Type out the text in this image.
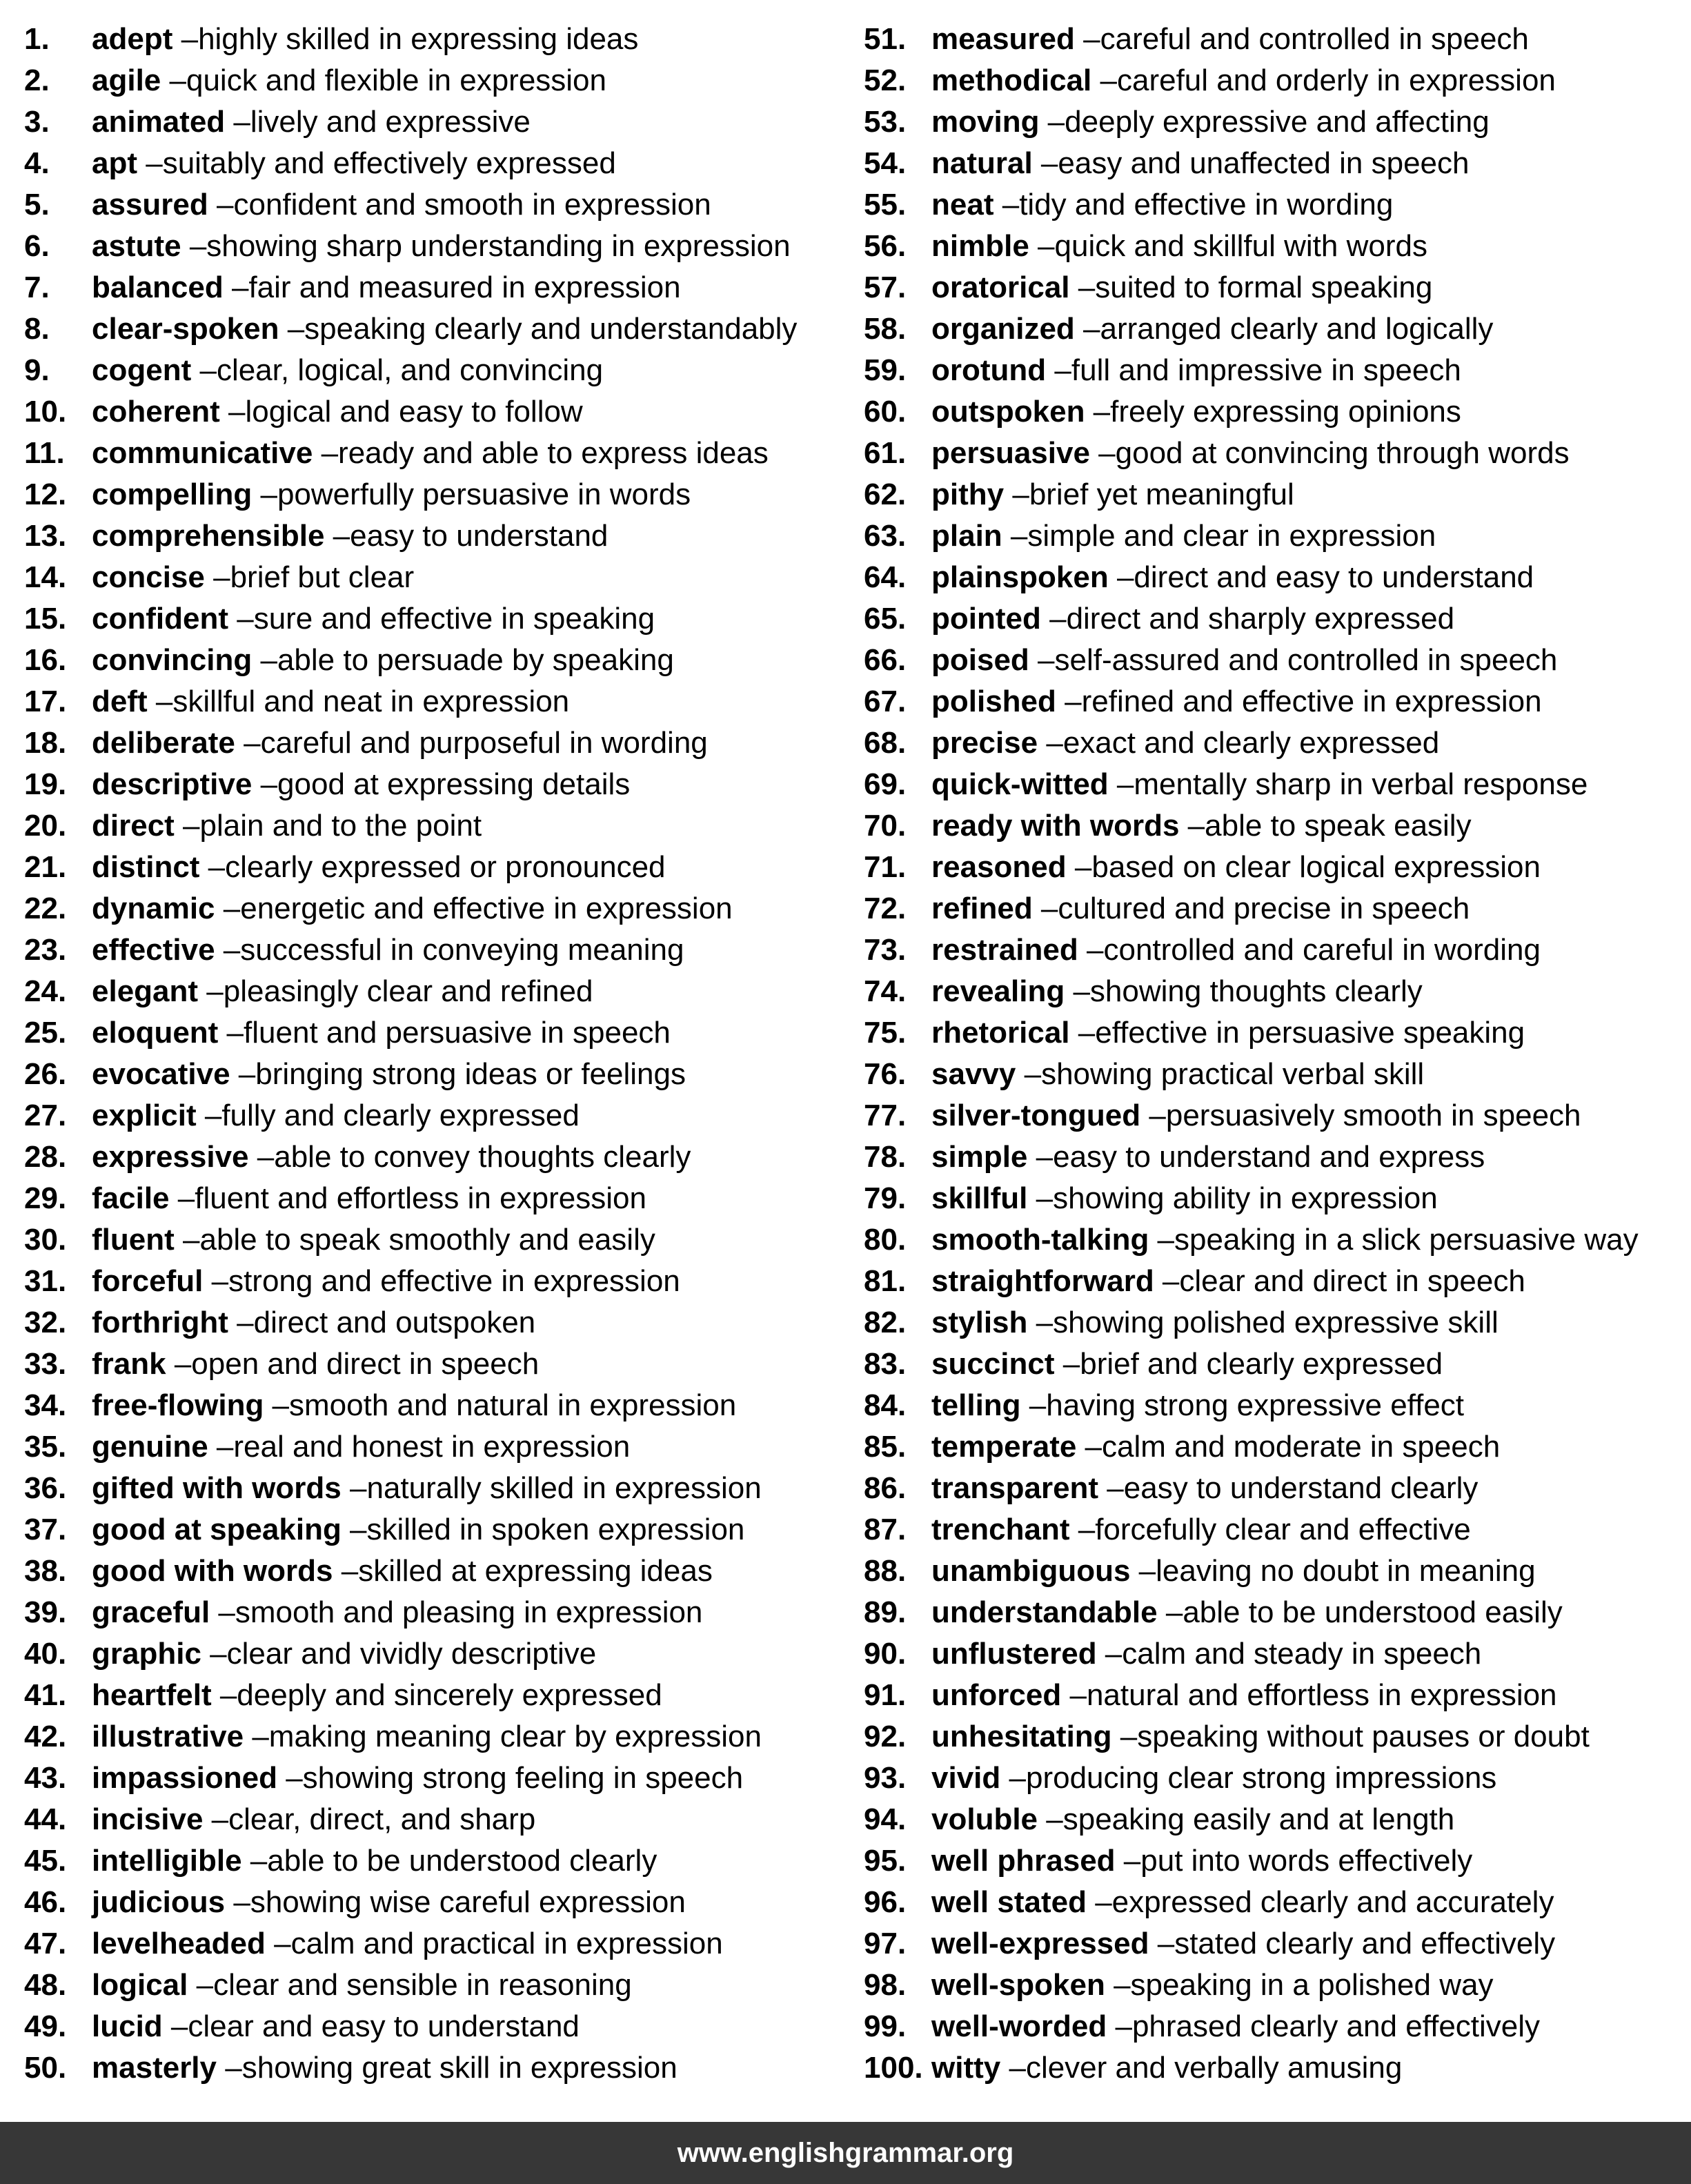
1. adept – highly skilled in expressing ideas
2. agile – quick and flexible in expression
3. animated – lively and expressive
4. apt – suitably and effectively expressed
5. assured – confident and smooth in expression
6. astute – showing sharp understanding in expression
7. balanced – fair and measured in expression
8. clear-spoken – speaking clearly and understandably
9. cogent – clear, logical, and convincing
10. coherent – logical and easy to follow
11. communicative – ready and able to express ideas
12. compelling – powerfully persuasive in words
13. comprehensible – easy to understand
14. concise – brief but clear
15. confident – sure and effective in speaking
16. convincing – able to persuade by speaking
17. deft – skillful and neat in expression
18. deliberate – careful and purposeful in wording
19. descriptive – good at expressing details
20. direct – plain and to the point
21. distinct – clearly expressed or pronounced
22. dynamic – energetic and effective in expression
23. effective – successful in conveying meaning
24. elegant – pleasingly clear and refined
25. eloquent – fluent and persuasive in speech
26. evocative – bringing strong ideas or feelings
27. explicit – fully and clearly expressed
28. expressive – able to convey thoughts clearly
29. facile – fluent and effortless in expression
30. fluent – able to speak smoothly and easily
31. forceful – strong and effective in expression
32. forthright – direct and outspoken
33. frank – open and direct in speech
34. free-flowing – smooth and natural in expression
35. genuine – real and honest in expression
36. gifted with words – naturally skilled in expression
37. good at speaking – skilled in spoken expression
38. good with words – skilled at expressing ideas
39. graceful – smooth and pleasing in expression
40. graphic – clear and vividly descriptive
41. heartfelt – deeply and sincerely expressed
42. illustrative – making meaning clear by expression
43. impassioned – showing strong feeling in speech
44. incisive – clear, direct, and sharp
45. intelligible – able to be understood clearly
46. judicious – showing wise careful expression
47. levelheaded – calm and practical in expression
48. logical – clear and sensible in reasoning
49. lucid – clear and easy to understand
50. masterly – showing great skill in expression
51. measured – careful and controlled in speech
52. methodical – careful and orderly in expression
53. moving – deeply expressive and affecting
54. natural – easy and unaffected in speech
55. neat – tidy and effective in wording
56. nimble – quick and skillful with words
57. oratorical – suited to formal speaking
58. organized – arranged clearly and logically
59. orotund – full and impressive in speech
60. outspoken – freely expressing opinions
61. persuasive – good at convincing through words
62. pithy – brief yet meaningful
63. plain – simple and clear in expression
64. plainspoken – direct and easy to understand
65. pointed – direct and sharply expressed
66. poised – self-assured and controlled in speech
67. polished – refined and effective in expression
68. precise – exact and clearly expressed
69. quick-witted – mentally sharp in verbal response
70. ready with words – able to speak easily
71. reasoned – based on clear logical expression
72. refined – cultured and precise in speech
73. restrained – controlled and careful in wording
74. revealing – showing thoughts clearly
75. rhetorical – effective in persuasive speaking
76. savvy – showing practical verbal skill
77. silver-tongued – persuasively smooth in speech
78. simple – easy to understand and express
79. skillful – showing ability in expression
80. smooth-talking – speaking in a slick persuasive way
81. straightforward – clear and direct in speech
82. stylish – showing polished expressive skill
83. succinct – brief and clearly expressed
84. telling – having strong expressive effect
85. temperate – calm and moderate in speech
86. transparent – easy to understand clearly
87. trenchant – forcefully clear and effective
88. unambiguous – leaving no doubt in meaning
89. understandable – able to be understood easily
90. unflustered – calm and steady in speech
91. unforced – natural and effortless in expression
92. unhesitating – speaking without pauses or doubt
93. vivid – producing clear strong impressions
94. voluble – speaking easily and at length
95. well phrased – put into words effectively
96. well stated – expressed clearly and accurately
97. well-expressed – stated clearly and effectively
98. well-spoken – speaking in a polished way
99. well-worded – phrased clearly and effectively
100. witty – clever and verbally amusing
www.englishgrammar.org
